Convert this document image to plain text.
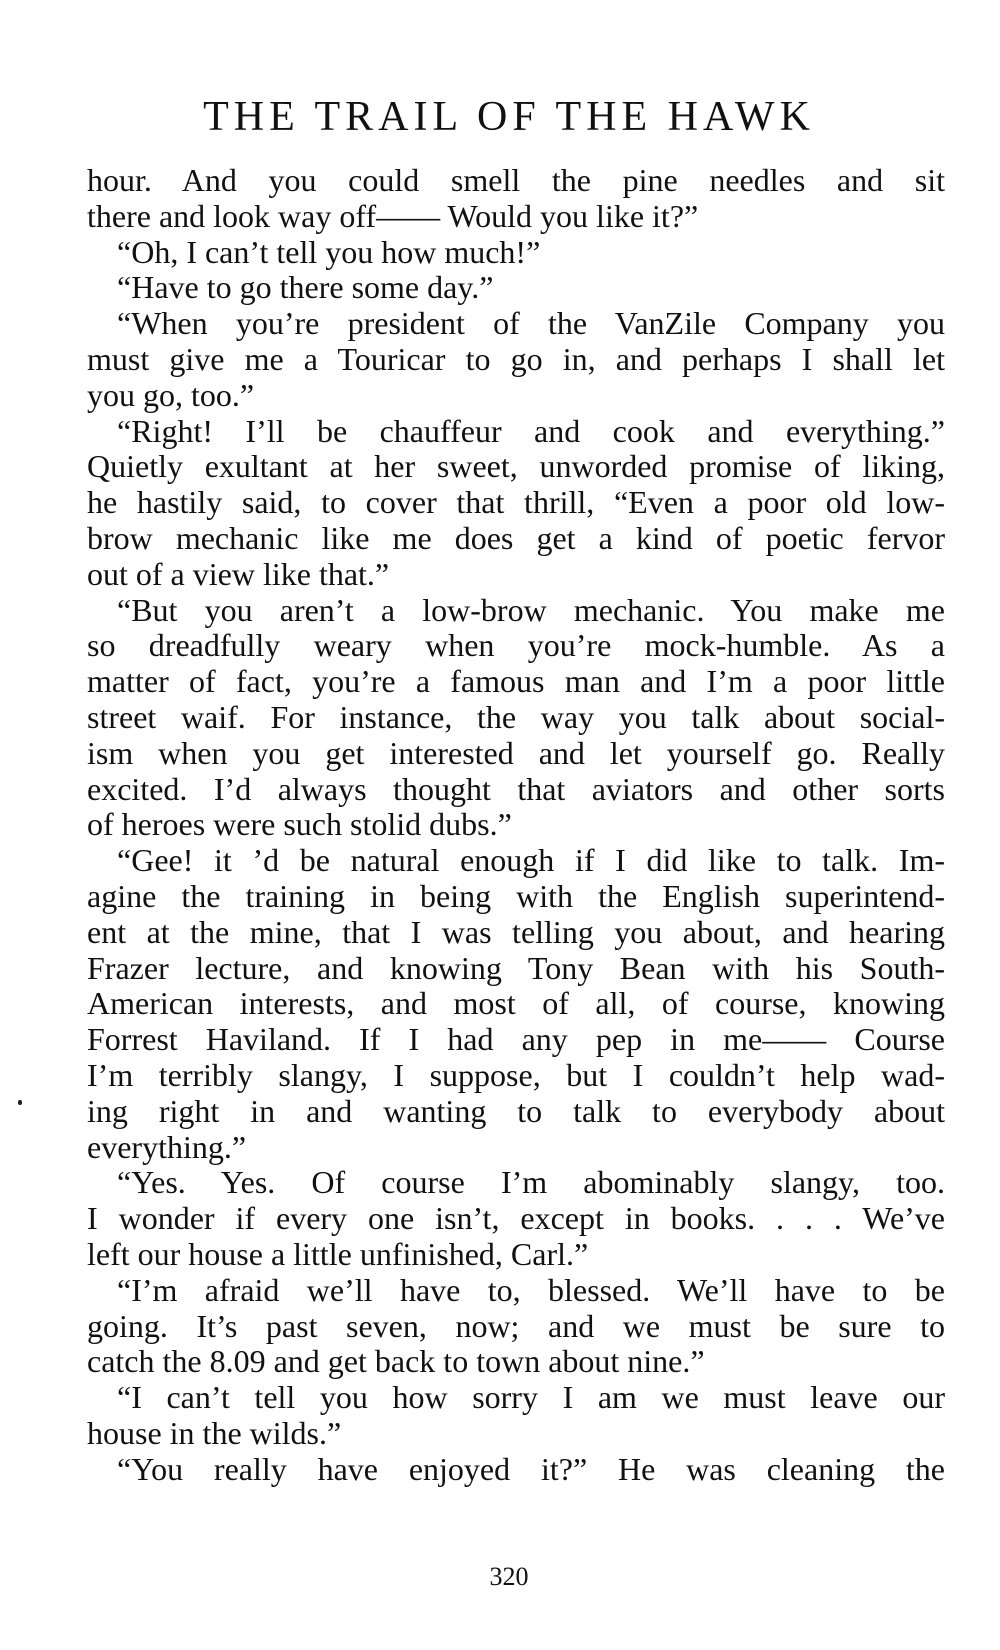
THE TRAIL OF THE HAWK
hour. And you could smell the pine needles and sit
there and look way off—— Would you like it?”
“Oh, I can’t tell you how much!”
“Have to go there some day.”
“When you’re president of the VanZile Company you
must give me a Touricar to go in, and perhaps I shall let
you go, too.”
“Right! I’ll be chauffeur and cook and everything.”
Quietly exultant at her sweet, unworded promise of liking,
he hastily said, to cover that thrill, “Even a poor old low-
brow mechanic like me does get a kind of poetic fervor
out of a view like that.”
“But you aren’t a low-brow mechanic. You make me
so dreadfully weary when you’re mock-humble. As a
matter of fact, you’re a famous man and I’m a poor little
street waif. For instance, the way you talk about social-
ism when you get interested and let yourself go. Really
excited. I’d always thought that aviators and other sorts
of heroes were such stolid dubs.”
“Gee! it ’d be natural enough if I did like to talk. Im-
agine the training in being with the English superintend-
ent at the mine, that I was telling you about, and hearing
Frazer lecture, and knowing Tony Bean with his South-
American interests, and most of all, of course, knowing
Forrest Haviland. If I had any pep in me—— Course
I’m terribly slangy, I suppose, but I couldn’t help wad-
ing right in and wanting to talk to everybody about
everything.”
“Yes. Yes. Of course I’m abominably slangy, too.
I wonder if every one isn’t, except in books. . . . We’ve
left our house a little unfinished, Carl.”
“I’m afraid we’ll have to, blessed. We’ll have to be
going. It’s past seven, now; and we must be sure to
catch the 8.09 and get back to town about nine.”
“I can’t tell you how sorry I am we must leave our
house in the wilds.”
“You really have enjoyed it?” He was cleaning the
320
